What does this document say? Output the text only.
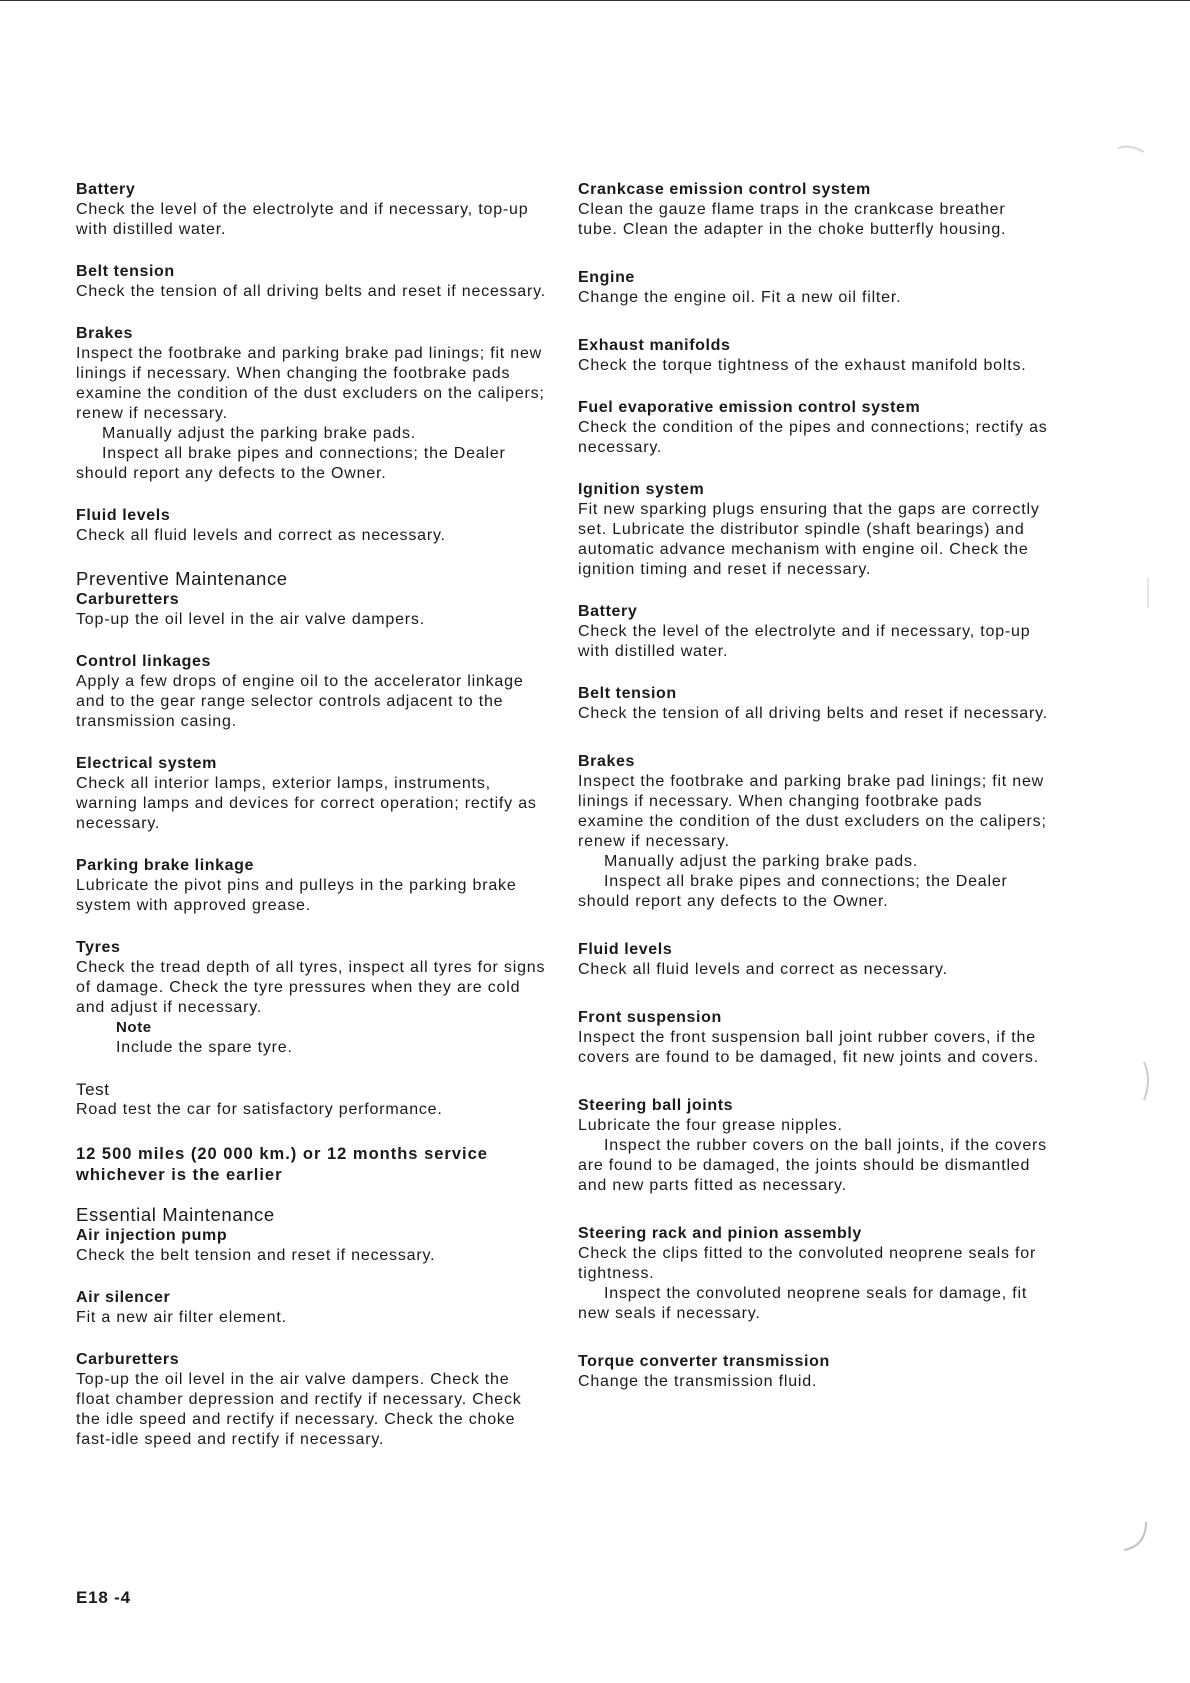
Battery

Check the level of the electrolyte and if necessary, top-up with distilled water.

Belt tension

Check the tension of all driving belts and reset if necessary.

Brakes

Inspect the footbrake and parking brake pad linings; fit new linings if necessary. When changing the footbrake pads examine the condition of the dust excluders on the calipers; renew if necessary.

Manually adjust the parking brake pads.

Inspect all brake pipes and connections; the Dealer should report any defects to the Owner.

Fluid levels

Check all fluid levels and correct as necessary.

Preventive Maintenance
Carburetters

Top-up the oil level in the air valve dampers.

Control linkages

Apply a few drops of engine oil to the accelerator linkage and to the gear range selector controls adjacent to the transmission casing.

Electrical system

Check all interior lamps, exterior lamps, instruments, warning lamps and devices for correct operation; rectify as necessary.

Parking brake linkage

Lubricate the pivot pins and pulleys in the parking brake system with approved grease.

Tyres

Check the tread depth of all tyres, inspect all tyres for signs of damage. Check the tyre pressures when they are cold and adjust if necessary.

Note

Include the spare tyre.

Test

Road test the car for satisfactory performance.

12 500 miles (20 000 km.) or 12 months service whichever is the earlier
Essential Maintenance
Air injection pump

Check the belt tension and reset if necessary.

Air silencer

Fit a new air filter element.

Carburetters

Top-up the oil level in the air valve dampers. Check the float chamber depression and rectify if necessary. Check the idle speed and rectify if necessary. Check the choke fast-idle speed and rectify if necessary.

Crankcase emission control system

Clean the gauze flame traps in the crankcase breather tube. Clean the adapter in the choke butterfly housing.

Engine

Change the engine oil. Fit a new oil filter.

Exhaust manifolds

Check the torque tightness of the exhaust manifold bolts.

Fuel evaporative emission control system

Check the condition of the pipes and connections; rectify as necessary.

Ignition system

Fit new sparking plugs ensuring that the gaps are correctly set. Lubricate the distributor spindle (shaft bearings) and automatic advance mechanism with engine oil. Check the ignition timing and reset if necessary.

Battery

Check the level of the electrolyte and if necessary, top-up with distilled water.

Belt tension

Check the tension of all driving belts and reset if necessary.

Brakes

Inspect the footbrake and parking brake pad linings; fit new linings if necessary. When changing footbrake pads examine the condition of the dust excluders on the calipers; renew if necessary.

Manually adjust the parking brake pads.

Inspect all brake pipes and connections; the Dealer should report any defects to the Owner.

Fluid levels

Check all fluid levels and correct as necessary.

Front suspension

Inspect the front suspension ball joint rubber covers, if the covers are found to be damaged, fit new joints and covers.

Steering ball joints

Lubricate the four grease nipples.

Inspect the rubber covers on the ball joints, if the covers are found to be damaged, the joints should be dismantled and new parts fitted as necessary.

Steering rack and pinion assembly

Check the clips fitted to the convoluted neoprene seals for tightness.

Inspect the convoluted neoprene seals for damage, fit new seals if necessary.

Torque converter transmission

Change the transmission fluid.

E18 -4
